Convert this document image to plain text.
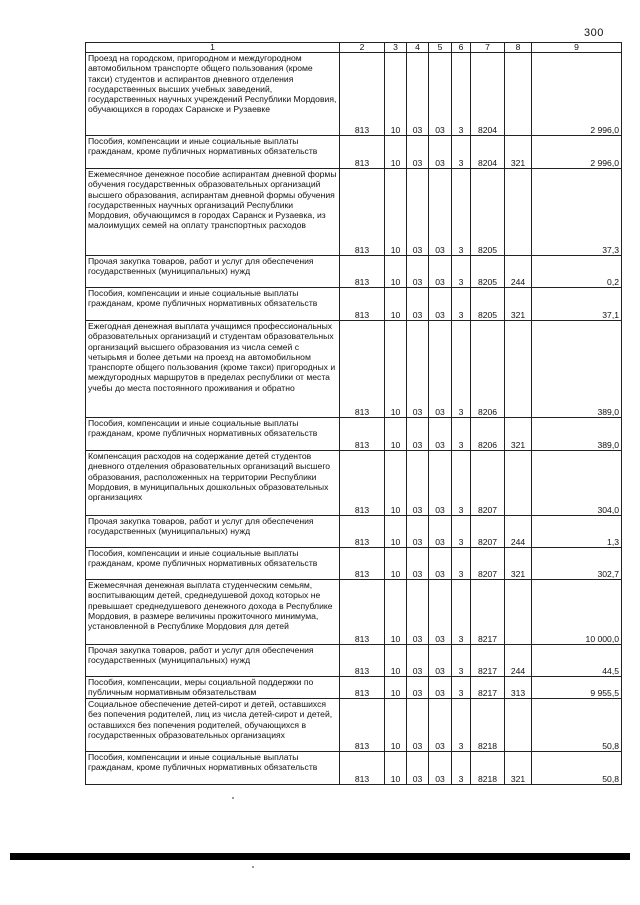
300
1	2	3	4	5	6	7	8	9
Проезд на городском, пригородном и междугородном автомобильном транспорте общего пользования (кроме такси) студентов и аспирантов дневного отделения государственных высших учебных заведений, государственных научных учреждений Республики Мордовия, обучающихся в городах Саранске и Рузаевке	813	10	03	03	3	8204		2 996,0
Пособия, компенсации и иные социальные выплаты гражданам, кроме публичных нормативных обязательств	813	10	03	03	3	8204	321	2 996,0
Ежемесячное денежное пособие аспирантам дневной формы обучения государственных образовательных организаций высшего образования, аспирантам дневной формы обучения государственных научных организаций Республики Мордовия, обучающимся в городах Саранск и Рузаевка, из малоимущих семей на оплату транспортных расходов	813	10	03	03	3	8205		37,3
Прочая закупка товаров, работ и услуг для обеспечения государственных (муниципальных) нужд	813	10	03	03	3	8205	244	0,2
Пособия, компенсации и иные социальные выплаты гражданам, кроме публичных нормативных обязательств	813	10	03	03	3	8205	321	37,1
Ежегодная денежная выплата учащимся профессиональных образовательных организаций и студентам образовательных организаций высшего образования из числа семей с четырьмя и более детьми на проезд на автомобильном транспорте общего пользования (кроме такси) пригородных и междугородных маршрутов в пределах республики от места учебы до места постоянного проживания и обратно	813	10	03	03	3	8206		389,0
Пособия, компенсации и иные социальные выплаты гражданам, кроме публичных нормативных обязательств	813	10	03	03	3	8206	321	389,0
Компенсация расходов на содержание детей студентов дневного отделения образовательных организаций высшего образования, расположенных на территории Республики Мордовия, в муниципальных дошкольных образовательных организациях	813	10	03	03	3	8207		304,0
Прочая закупка товаров, работ и услуг для обеспечения государственных (муниципальных) нужд	813	10	03	03	3	8207	244	1,3
Пособия, компенсации и иные социальные выплаты гражданам, кроме публичных нормативных обязательств	813	10	03	03	3	8207	321	302,7
Ежемесячная денежная выплата студенческим семьям, воспитывающим детей, среднедушевой доход которых не превышает среднедушевого денежного дохода в Республике Мордовия, в размере величины прожиточного минимума, установленной в Республике Мордовия для детей	813	10	03	03	3	8217		10 000,0
Прочая закупка товаров, работ и услуг для обеспечения государственных (муниципальных) нужд	813	10	03	03	3	8217	244	44,5
Пособия, компенсации, меры социальной поддержки по публичным нормативным обязательствам	813	10	03	03	3	8217	313	9 955,5
Социальное обеспечение детей-сирот и детей, оставшихся без попечения родителей, лиц из числа детей-сирот и детей, оставшихся без попечения родителей, обучающихся в государственных образовательных организациях	813	10	03	03	3	8218		50,8
Пособия, компенсации и иные социальные выплаты гражданам, кроме публичных нормативных обязательств	813	10	03	03	3	8218	321	50,8
